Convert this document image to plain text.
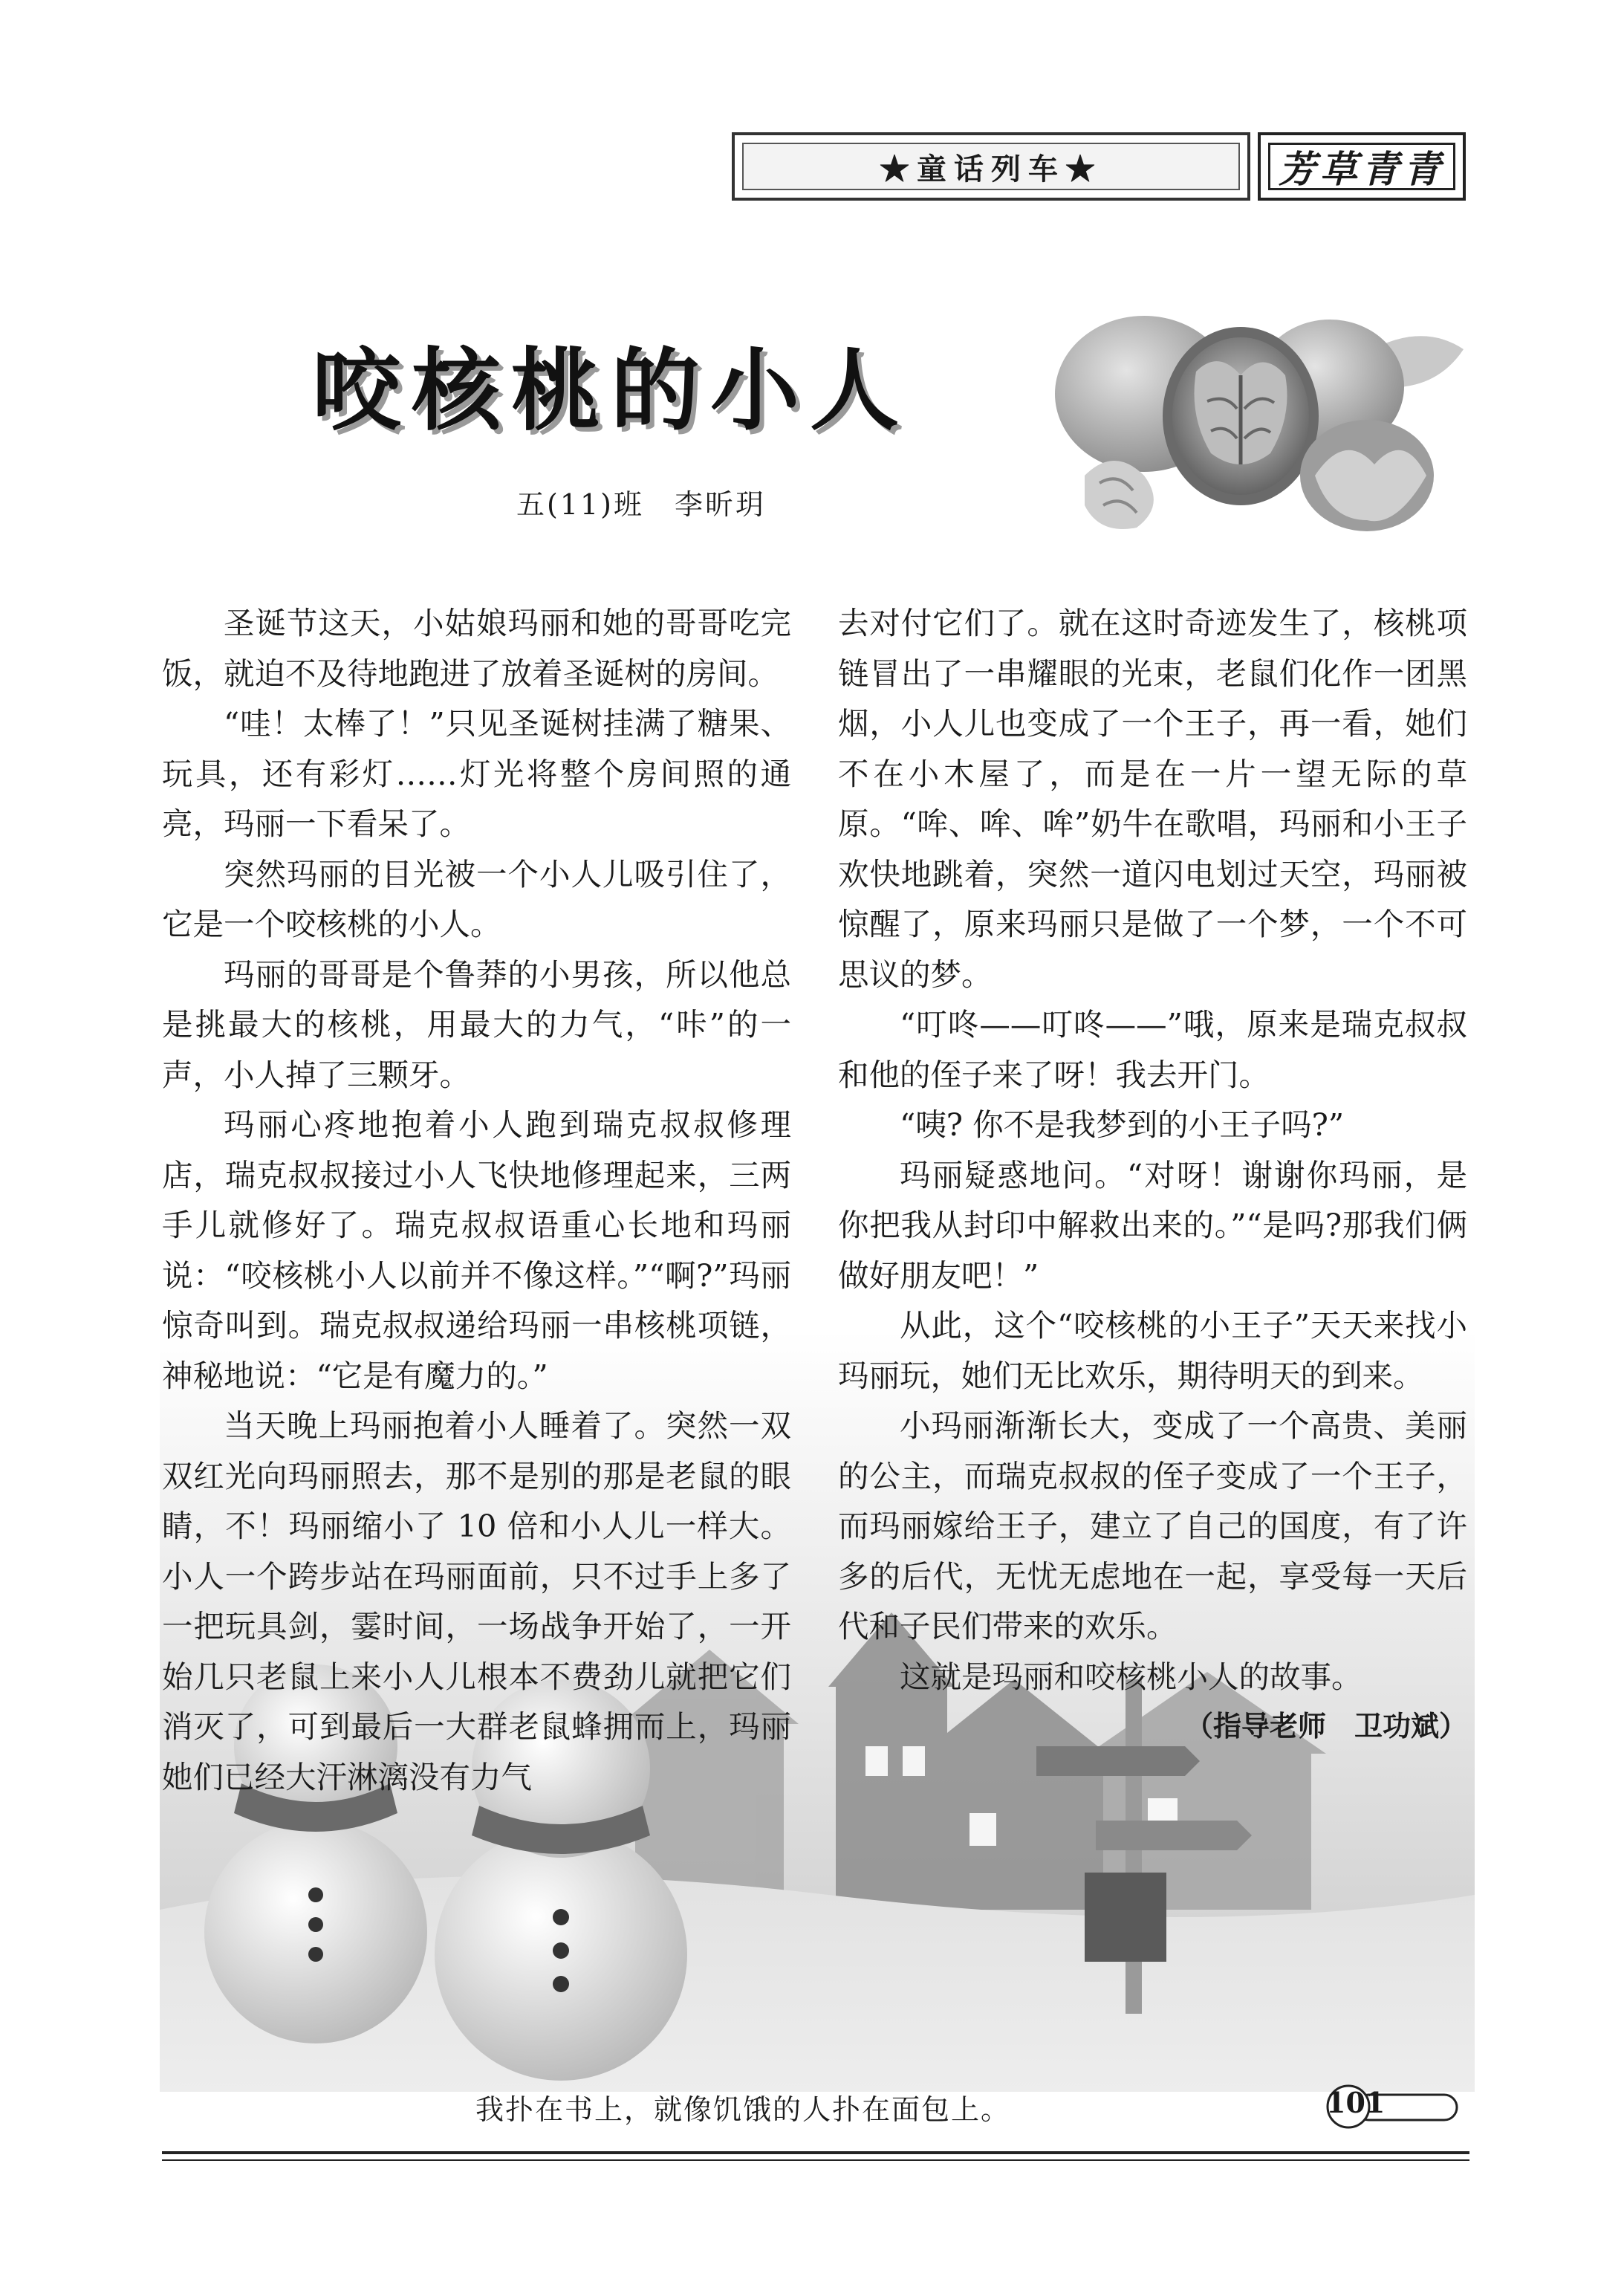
★童话列车★	芳草青青
咬核桃的小人
五(11)班　李昕玥

圣诞节这天，小姑娘玛丽和她的哥哥吃完饭，就迫不及待地跑进了放着圣诞树的房间。

“哇！太棒了！”只见圣诞树挂满了糖果、玩具，还有彩灯……灯光将整个房间照的通亮，玛丽一下看呆了。

突然玛丽的目光被一个小人儿吸引住了，它是一个咬核桃的小人。

玛丽的哥哥是个鲁莽的小男孩，所以他总是挑最大的核桃，用最大的力气，“咔”的一声，小人掉了三颗牙。

玛丽心疼地抱着小人跑到瑞克叔叔修理店，瑞克叔叔接过小人飞快地修理起来，三两手儿就修好了。瑞克叔叔语重心长地和玛丽说：“咬核桃小人以前并不像这样。”“啊?”玛丽惊奇叫到。瑞克叔叔递给玛丽一串核桃项链，神秘地说：“它是有魔力的。”

当天晚上玛丽抱着小人睡着了。突然一双双红光向玛丽照去，那不是别的那是老鼠的眼睛，不！玛丽缩小了 10 倍和小人儿一样大。小人一个跨步站在玛丽面前，只不过手上多了一把玩具剑，霎时间，一场战争开始了，一开始几只老鼠上来小人儿根本不费劲儿就把它们消灭了，可到最后一大群老鼠蜂拥而上，玛丽她们已经大汗淋漓没有力气

去对付它们了。就在这时奇迹发生了，核桃项链冒出了一串耀眼的光束，老鼠们化作一团黑烟，小人儿也变成了一个王子，再一看，她们不在小木屋了，而是在一片一望无际的草原。“哞、哞、哞”奶牛在歌唱，玛丽和小王子欢快地跳着，突然一道闪电划过天空，玛丽被惊醒了，原来玛丽只是做了一个梦，一个不可思议的梦。

“叮咚——叮咚——”哦，原来是瑞克叔叔和他的侄子来了呀！我去开门。

“咦? 你不是我梦到的小王子吗?”

玛丽疑惑地问。“对呀！谢谢你玛丽，是你把我从封印中解救出来的。”“是吗?那我们俩做好朋友吧！”

从此，这个“咬核桃的小王子”天天来找小玛丽玩，她们无比欢乐，期待明天的到来。

小玛丽渐渐长大，变成了一个高贵、美丽的公主，而瑞克叔叔的侄子变成了一个王子，而玛丽嫁给王子，建立了自己的国度，有了许多的后代，无忧无虑地在一起，享受每一天后代和子民们带来的欢乐。

这就是玛丽和咬核桃小人的故事。

（指导老师　卫功斌）
我扑在书上，就像饥饿的人扑在面包上。	101
